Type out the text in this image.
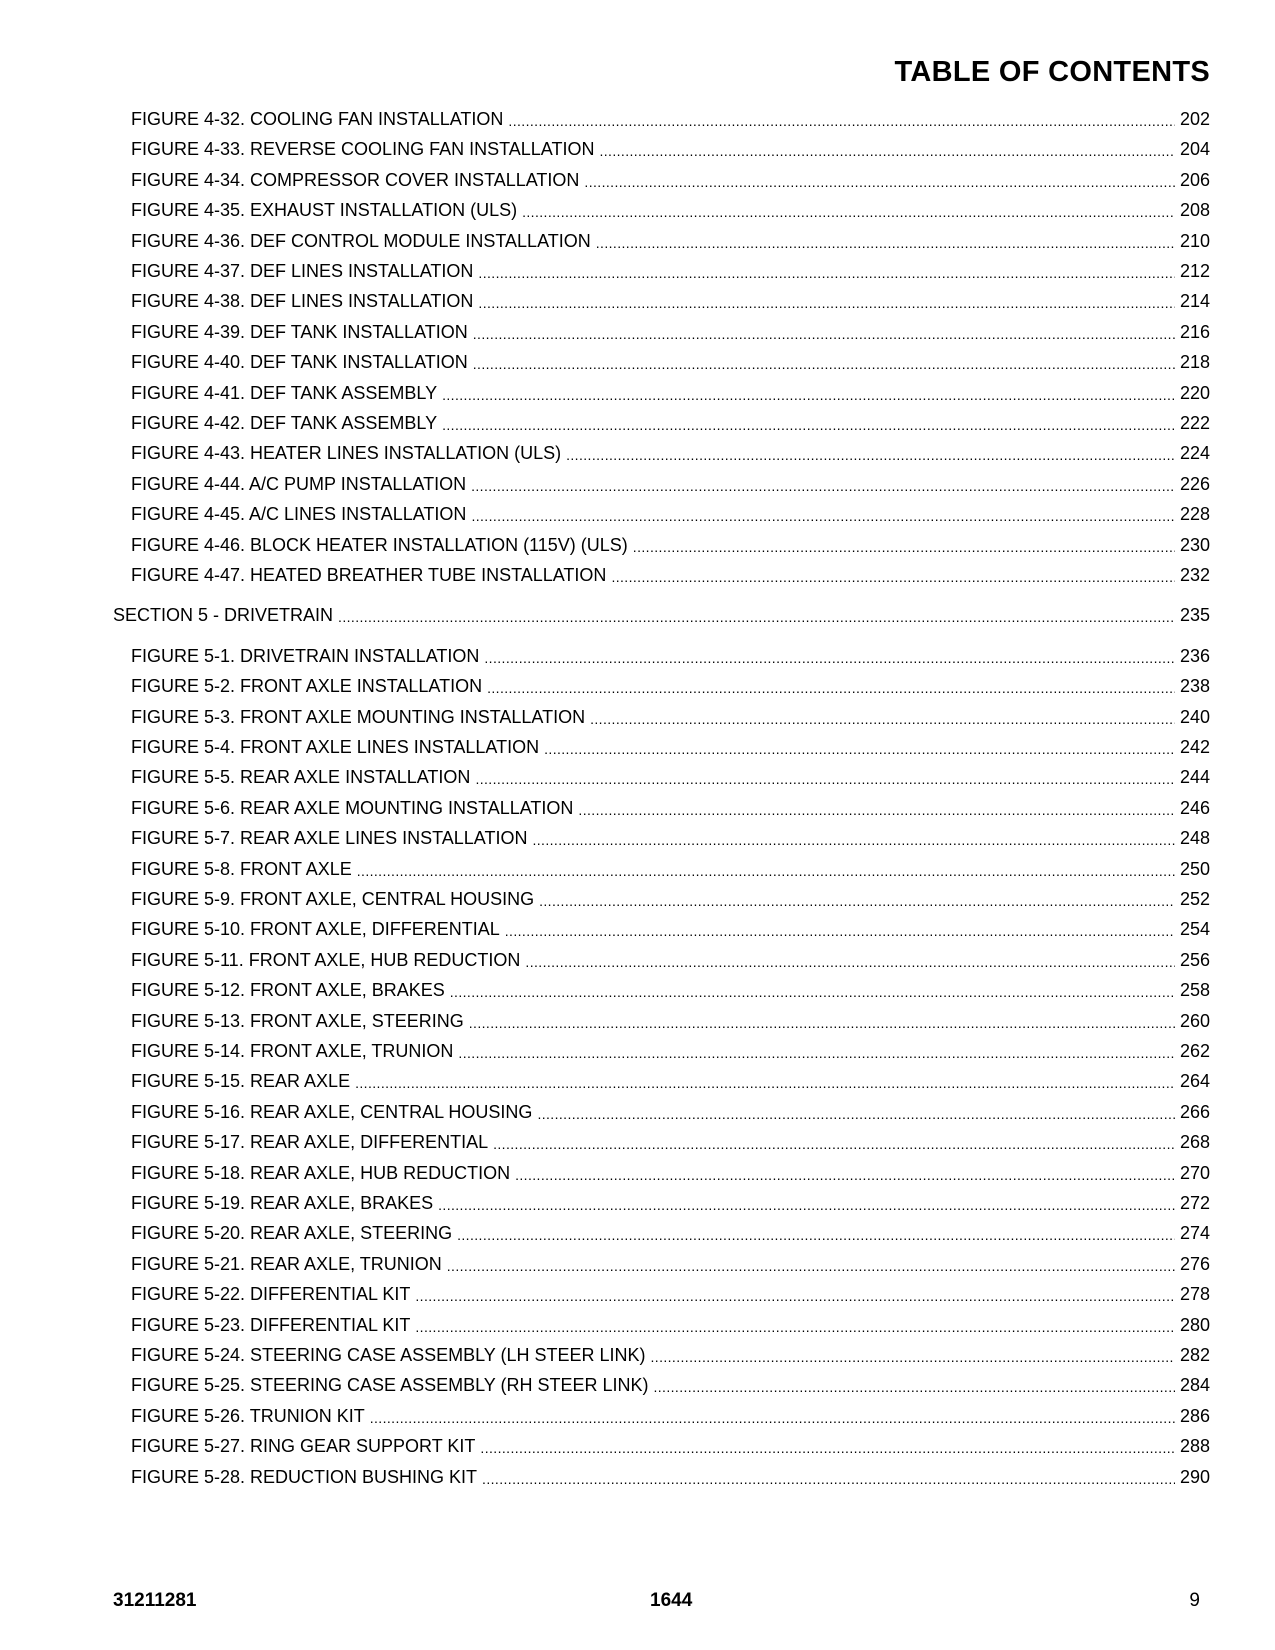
TABLE OF CONTENTS
FIGURE 4-32. COOLING FAN INSTALLATION .....	202
FIGURE 4-33. REVERSE COOLING FAN INSTALLATION .....	204
FIGURE 4-34. COMPRESSOR COVER INSTALLATION .....	206
FIGURE 4-35. EXHAUST INSTALLATION (ULS) .....	208
FIGURE 4-36. DEF CONTROL MODULE INSTALLATION .....	210
FIGURE 4-37. DEF LINES INSTALLATION .....	212
FIGURE 4-38. DEF LINES INSTALLATION .....	214
FIGURE 4-39. DEF TANK INSTALLATION .....	216
FIGURE 4-40. DEF TANK INSTALLATION .....	218
FIGURE 4-41. DEF TANK ASSEMBLY .....	220
FIGURE 4-42. DEF TANK ASSEMBLY .....	222
FIGURE 4-43. HEATER LINES INSTALLATION (ULS) .....	224
FIGURE 4-44. A/C PUMP INSTALLATION .....	226
FIGURE 4-45. A/C LINES INSTALLATION .....	228
FIGURE 4-46. BLOCK HEATER INSTALLATION (115V) (ULS) .....	230
FIGURE 4-47. HEATED BREATHER TUBE INSTALLATION .....	232
SECTION 5 - DRIVETRAIN .....	235
FIGURE 5-1. DRIVETRAIN INSTALLATION .....	236
FIGURE 5-2. FRONT AXLE INSTALLATION .....	238
FIGURE 5-3. FRONT AXLE MOUNTING INSTALLATION .....	240
FIGURE 5-4. FRONT AXLE LINES INSTALLATION .....	242
FIGURE 5-5. REAR AXLE INSTALLATION .....	244
FIGURE 5-6. REAR AXLE MOUNTING INSTALLATION .....	246
FIGURE 5-7. REAR AXLE LINES INSTALLATION .....	248
FIGURE 5-8. FRONT AXLE .....	250
FIGURE 5-9. FRONT AXLE, CENTRAL HOUSING .....	252
FIGURE 5-10. FRONT AXLE, DIFFERENTIAL .....	254
FIGURE 5-11. FRONT AXLE, HUB REDUCTION .....	256
FIGURE 5-12. FRONT AXLE, BRAKES .....	258
FIGURE 5-13. FRONT AXLE, STEERING .....	260
FIGURE 5-14. FRONT AXLE, TRUNION .....	262
FIGURE 5-15. REAR AXLE .....	264
FIGURE 5-16. REAR AXLE, CENTRAL HOUSING .....	266
FIGURE 5-17. REAR AXLE, DIFFERENTIAL .....	268
FIGURE 5-18. REAR AXLE, HUB REDUCTION .....	270
FIGURE 5-19. REAR AXLE, BRAKES .....	272
FIGURE 5-20. REAR AXLE, STEERING .....	274
FIGURE 5-21. REAR AXLE, TRUNION .....	276
FIGURE 5-22. DIFFERENTIAL KIT .....	278
FIGURE 5-23. DIFFERENTIAL KIT .....	280
FIGURE 5-24. STEERING CASE ASSEMBLY (LH STEER LINK) .....	282
FIGURE 5-25. STEERING CASE ASSEMBLY (RH STEER LINK) .....	284
FIGURE 5-26. TRUNION KIT .....	286
FIGURE 5-27. RING GEAR SUPPORT KIT .....	288
FIGURE 5-28. REDUCTION BUSHING KIT .....	290
31211281	1644	9
